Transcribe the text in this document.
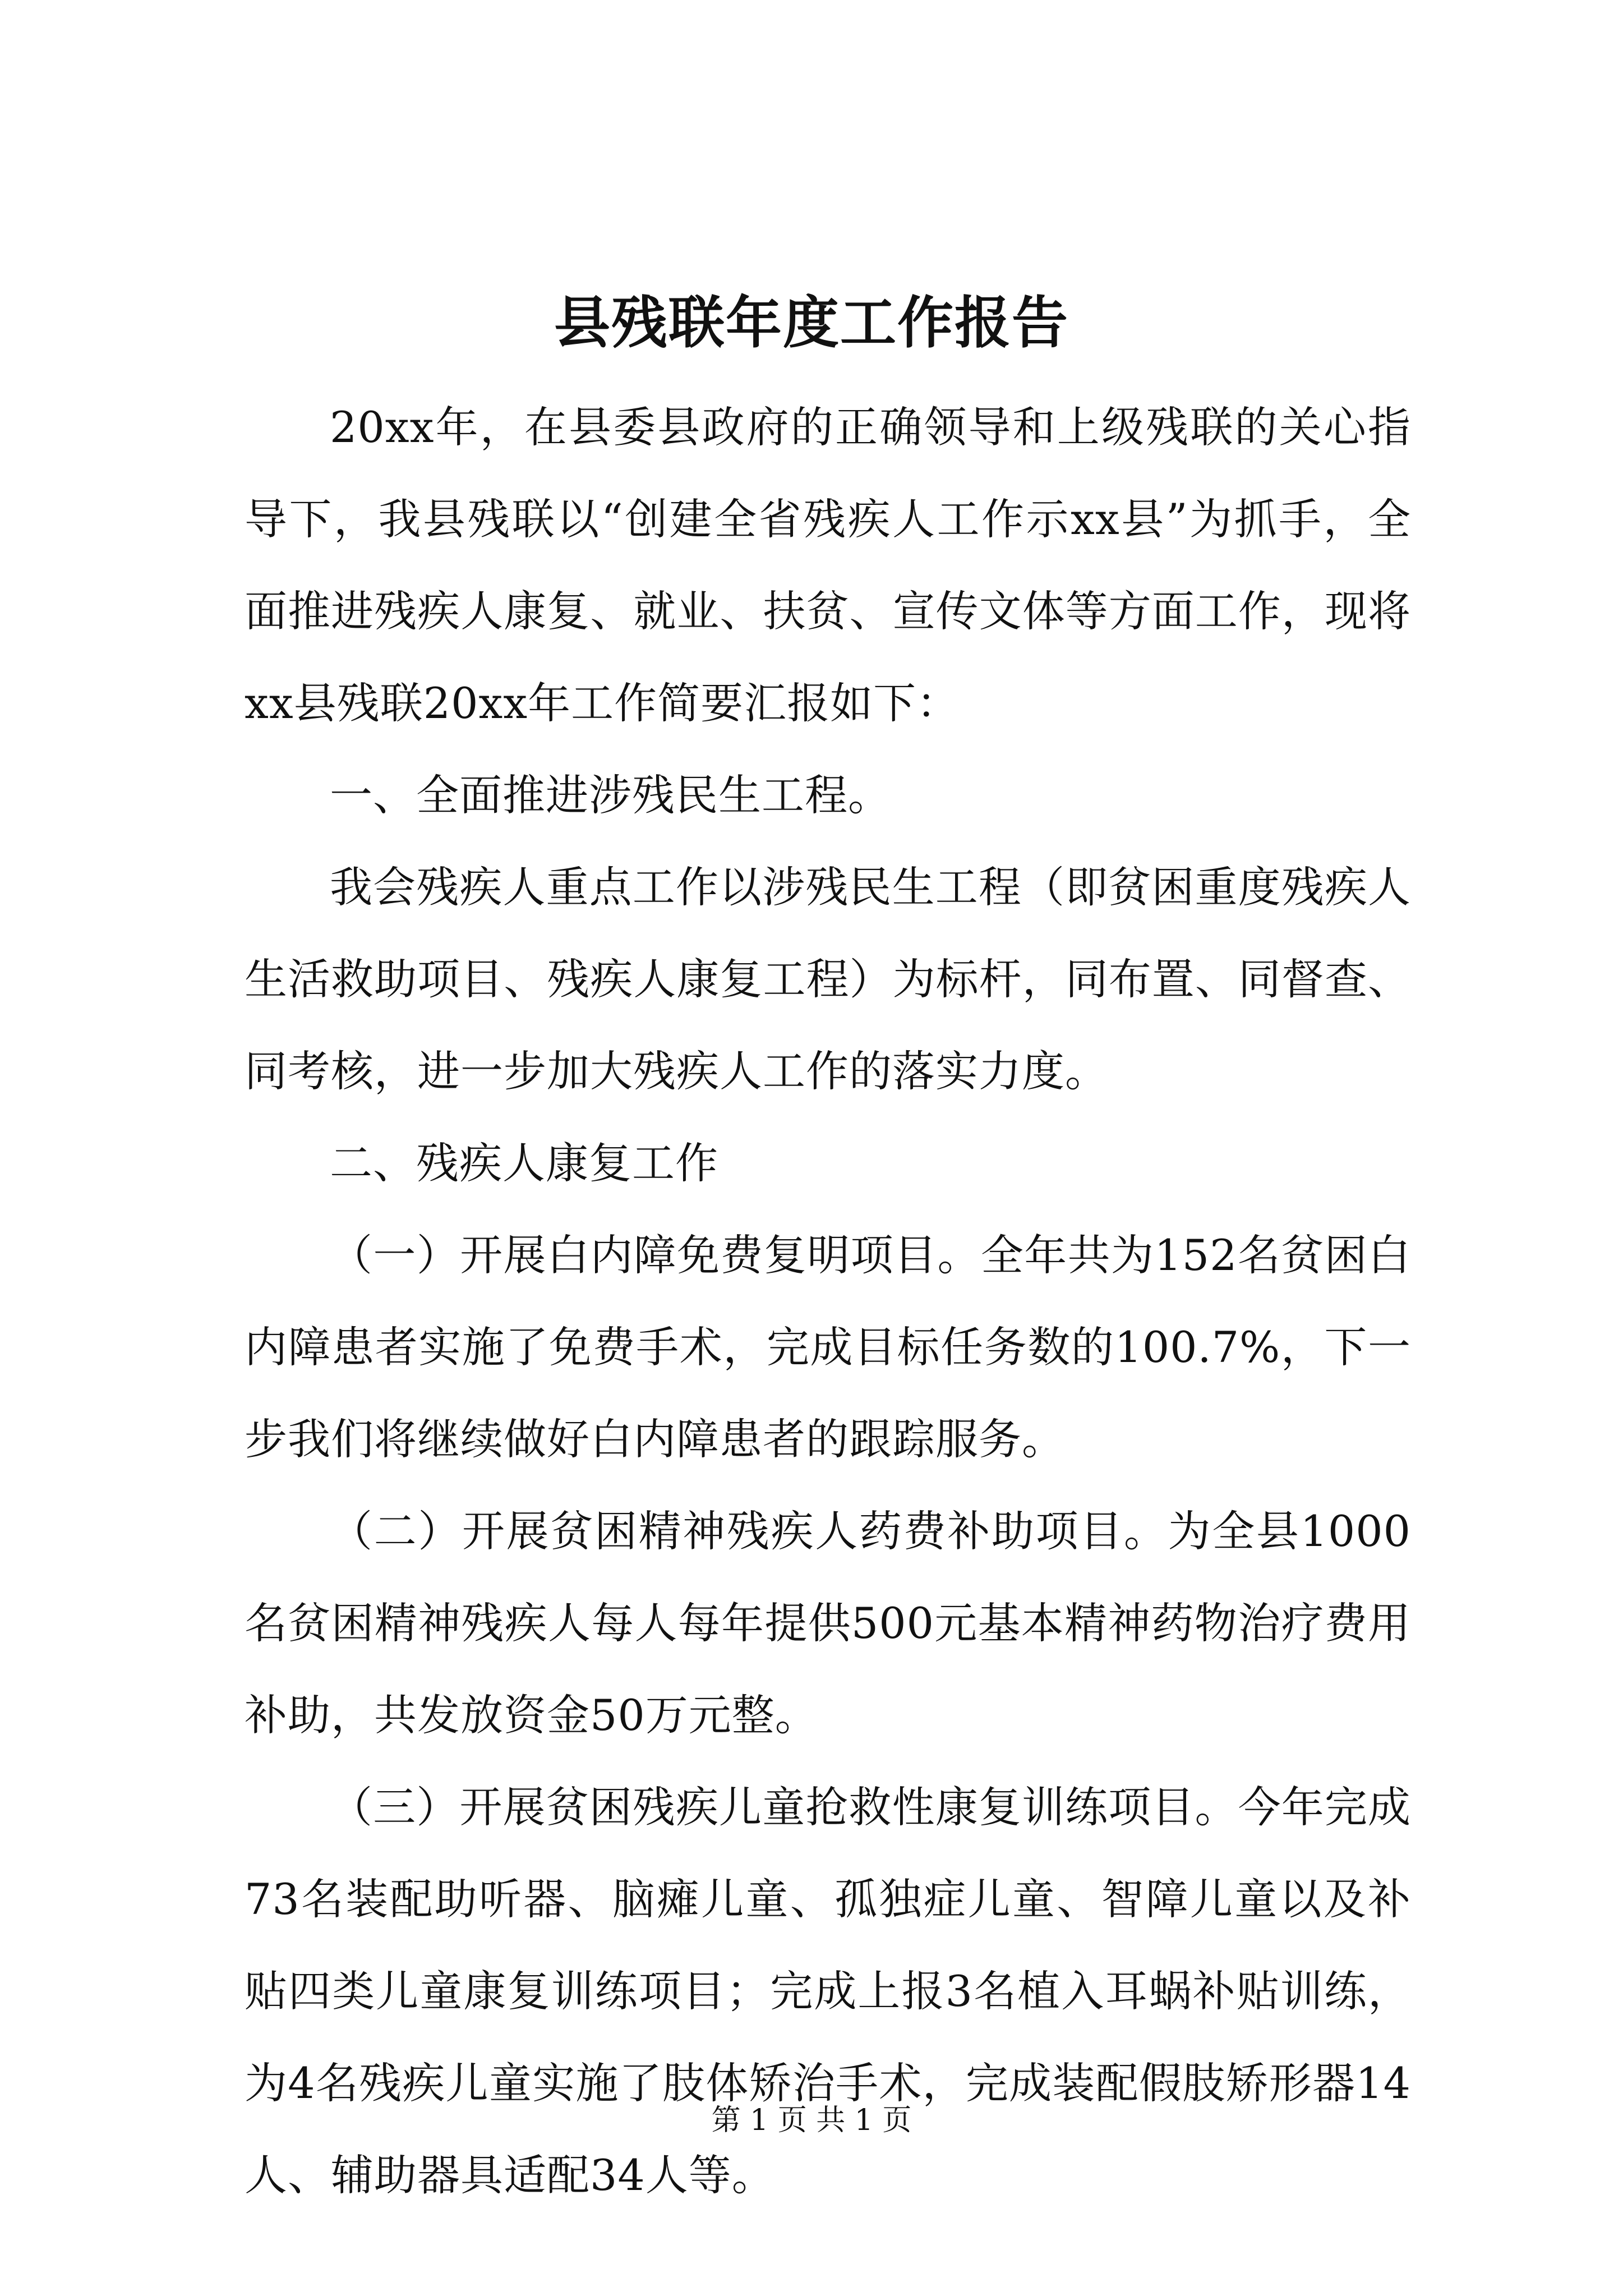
县残联年度工作报告

20xx年，在县委县政府的正确领导和上级残联的关心指导下，我县残联以“创建全省残疾人工作示xx县”为抓手，全面推进残疾人康复、就业、扶贫、宣传文体等方面工作，现将xx县残联20xx年工作简要汇报如下：

一、全面推进涉残民生工程。

我会残疾人重点工作以涉残民生工程（即贫困重度残疾人生活救助项目、残疾人康复工程）为标杆，同布置、同督查、同考核，进一步加大残疾人工作的落实力度。

二、残疾人康复工作

（一）开展白内障免费复明项目。全年共为152名贫困白内障患者实施了免费手术，完成目标任务数的100.7%，下一步我们将继续做好白内障患者的跟踪服务。

（二）开展贫困精神残疾人药费补助项目。为全县1000名贫困精神残疾人每人每年提供500元基本精神药物治疗费用补助，共发放资金50万元整。

（三）开展贫困残疾儿童抢救性康复训练项目。今年完成73名装配助听器、脑瘫儿童、孤独症儿童、智障儿童以及补贴四类儿童康复训练项目；完成上报3名植入耳蜗补贴训练，为4名残疾儿童实施了肢体矫治手术，完成装配假肢矫形器14人、辅助器具适配34人等。

第 1 页 共 1 页
